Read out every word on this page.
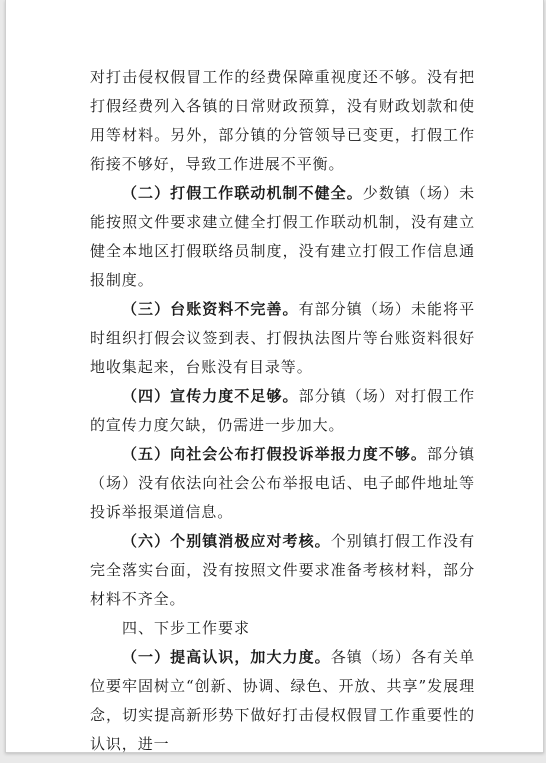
对打击侵权假冒工作的经费保障重视度还不够。没有把打假经费列入各镇的日常财政预算，没有财政划款和使用等材料。另外，部分镇的分管领导已变更，打假工作衔接不够好，导致工作进展不平衡。

（二）打假工作联动机制不健全。少数镇（场）未能按照文件要求建立健全打假工作联动机制，没有建立健全本地区打假联络员制度，没有建立打假工作信息通报制度。

（三）台账资料不完善。有部分镇（场）未能将平时组织打假会议签到表、打假执法图片等台账资料很好地收集起来，台账没有目录等。

（四）宣传力度不足够。部分镇（场）对打假工作的宣传力度欠缺，仍需进一步加大。

（五）向社会公布打假投诉举报力度不够。部分镇（场）没有依法向社会公布举报电话、电子邮件地址等投诉举报渠道信息。

（六）个别镇消极应对考核。个别镇打假工作没有完全落实台面，没有按照文件要求准备考核材料，部分材料不齐全。

四、下步工作要求

（一）提高认识，加大力度。各镇（场）各有关单位要牢固树立“创新、协调、绿色、开放、共享”发展理念，切实提高新形势下做好打击侵权假冒工作重要性的认识，进一
